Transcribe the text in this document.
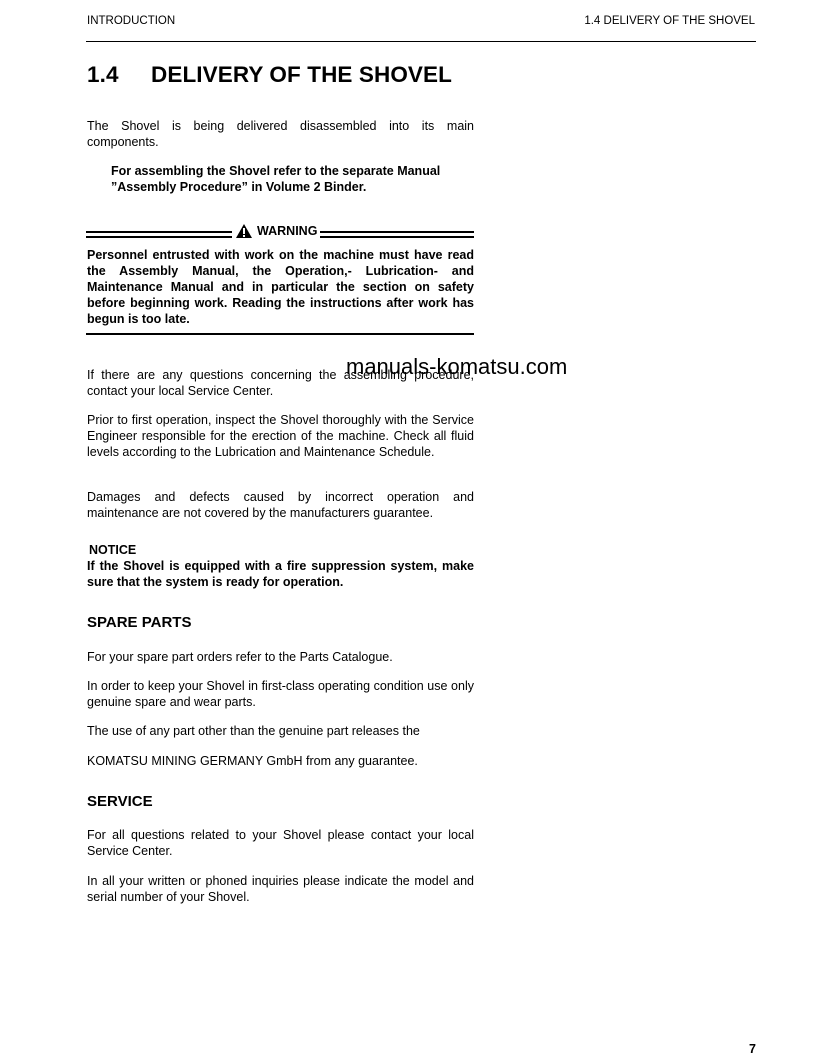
INTRODUCTION	1.4 DELIVERY OF THE SHOVEL
1.4 DELIVERY OF THE SHOVEL
The Shovel is being delivered disassembled into its main components.
For assembling the Shovel refer to the separate Manual ”Assembly Procedure” in Volume 2 Binder.
WARNING
Personnel entrusted with work on the machine must have read the Assembly Manual, the Operation,- Lubrication- and Maintenance Manual and in particular the section on safety before beginning work. Reading the instructions after work has begun is too late.
If there are any questions concerning the assembling procedure, contact your local Service Center.
manuals-komatsu.com
Prior to first operation, inspect the Shovel thoroughly with the Service Engineer responsible for the erection of the machine. Check all fluid levels according to the Lubrication and Maintenance Schedule.
Damages and defects caused by incorrect operation and maintenance are not covered by the manufacturers guarantee.
NOTICE
If the Shovel is equipped with a fire suppression system, make sure that the system is ready for operation.
SPARE PARTS
For your spare part orders refer to the Parts Catalogue.
In order to keep your Shovel in first-class operating condition use only genuine spare and wear parts.
The use of any part other than the genuine part releases the
KOMATSU MINING GERMANY GmbH from any guarantee.
SERVICE
For all questions related to your Shovel please contact your local Service Center.
In all your written or phoned inquiries please indicate the model and serial number of your Shovel.
7
